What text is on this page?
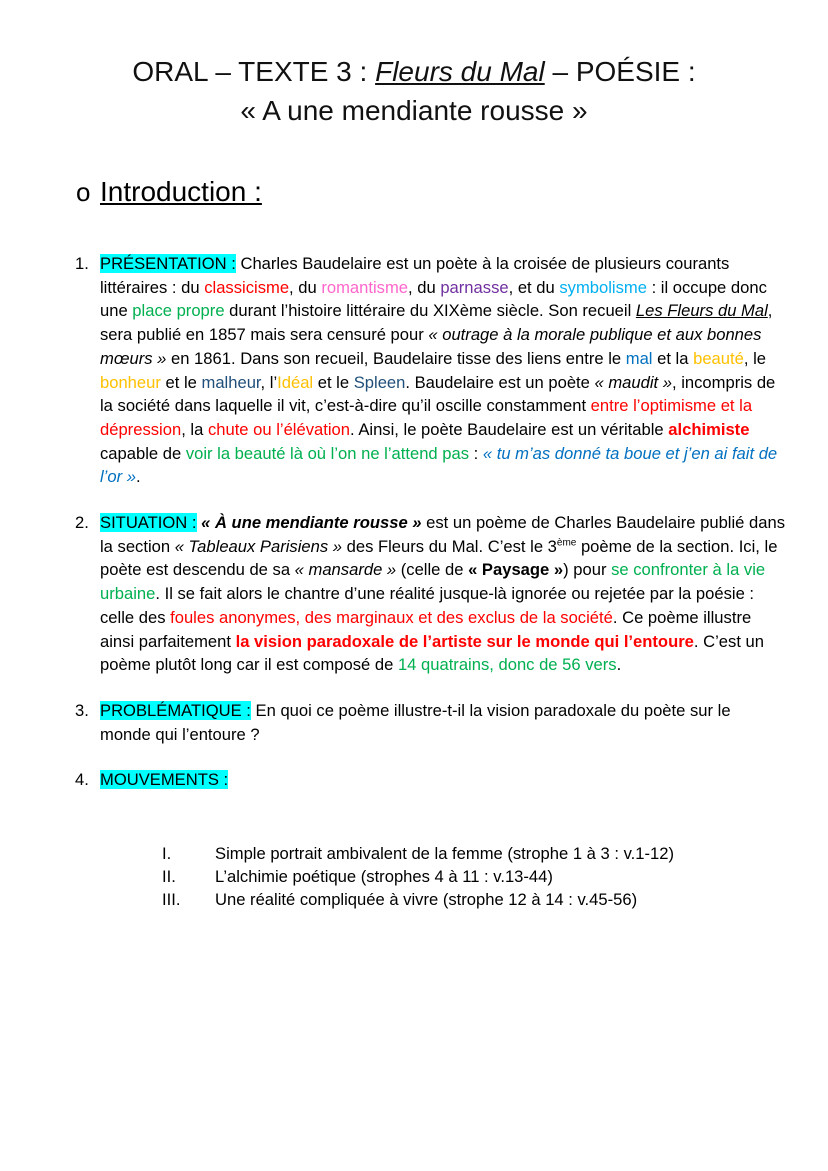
ORAL – TEXTE 3 : Fleurs du Mal – POÉSIE :
« A une mendiante rousse »
o Introduction :
1. PRÉSENTATION : Charles Baudelaire est un poète à la croisée de plusieurs courants littéraires : du classicisme, du romantisme, du parnasse, et du symbolisme : il occupe donc une place propre durant l’histoire littéraire du XIXème siècle. Son recueil Les Fleurs du Mal, sera publié en 1857 mais sera censuré pour « outrage à la morale publique et aux bonnes mœurs » en 1861. Dans son recueil, Baudelaire tisse des liens entre le mal et la beauté, le bonheur et le malheur, l’Idéal et le Spleen. Baudelaire est un poète « maudit », incompris de la société dans laquelle il vit, c’est-à-dire qu’il oscille constamment entre l’optimisme et la dépression, la chute ou l’élévation. Ainsi, le poète Baudelaire est un véritable alchimiste capable de voir la beauté là où l’on ne l’attend pas : « tu m’as donné ta boue et j’en ai fait de l’or ».
2. SITUATION : « À une mendiante rousse » est un poème de Charles Baudelaire publié dans la section « Tableaux Parisiens » des Fleurs du Mal. C’est le 3ème poème de la section. Ici, le poète est descendu de sa « mansarde » (celle de « Paysage ») pour se confronter à la vie urbaine. Il se fait alors le chantre d’une réalité jusque-là ignorée ou rejetée par la poésie : celle des foules anonymes, des marginaux et des exclus de la société. Ce poème illustre ainsi parfaitement la vision paradoxale de l’artiste sur le monde qui l’entoure. C’est un poème plutôt long car il est composé de 14 quatrains, donc de 56 vers.
3. PROBLÉMATIQUE : En quoi ce poème illustre-t-il la vision paradoxale du poète sur le monde qui l’entoure ?
4. MOUVEMENTS :
I.	Simple portrait ambivalent de la femme (strophe 1 à 3 : v.1-12)
II.	L’alchimie poétique (strophes 4 à 11 : v.13-44)
III.	Une réalité compliquée à vivre (strophe 12 à 14 : v.45-56)
